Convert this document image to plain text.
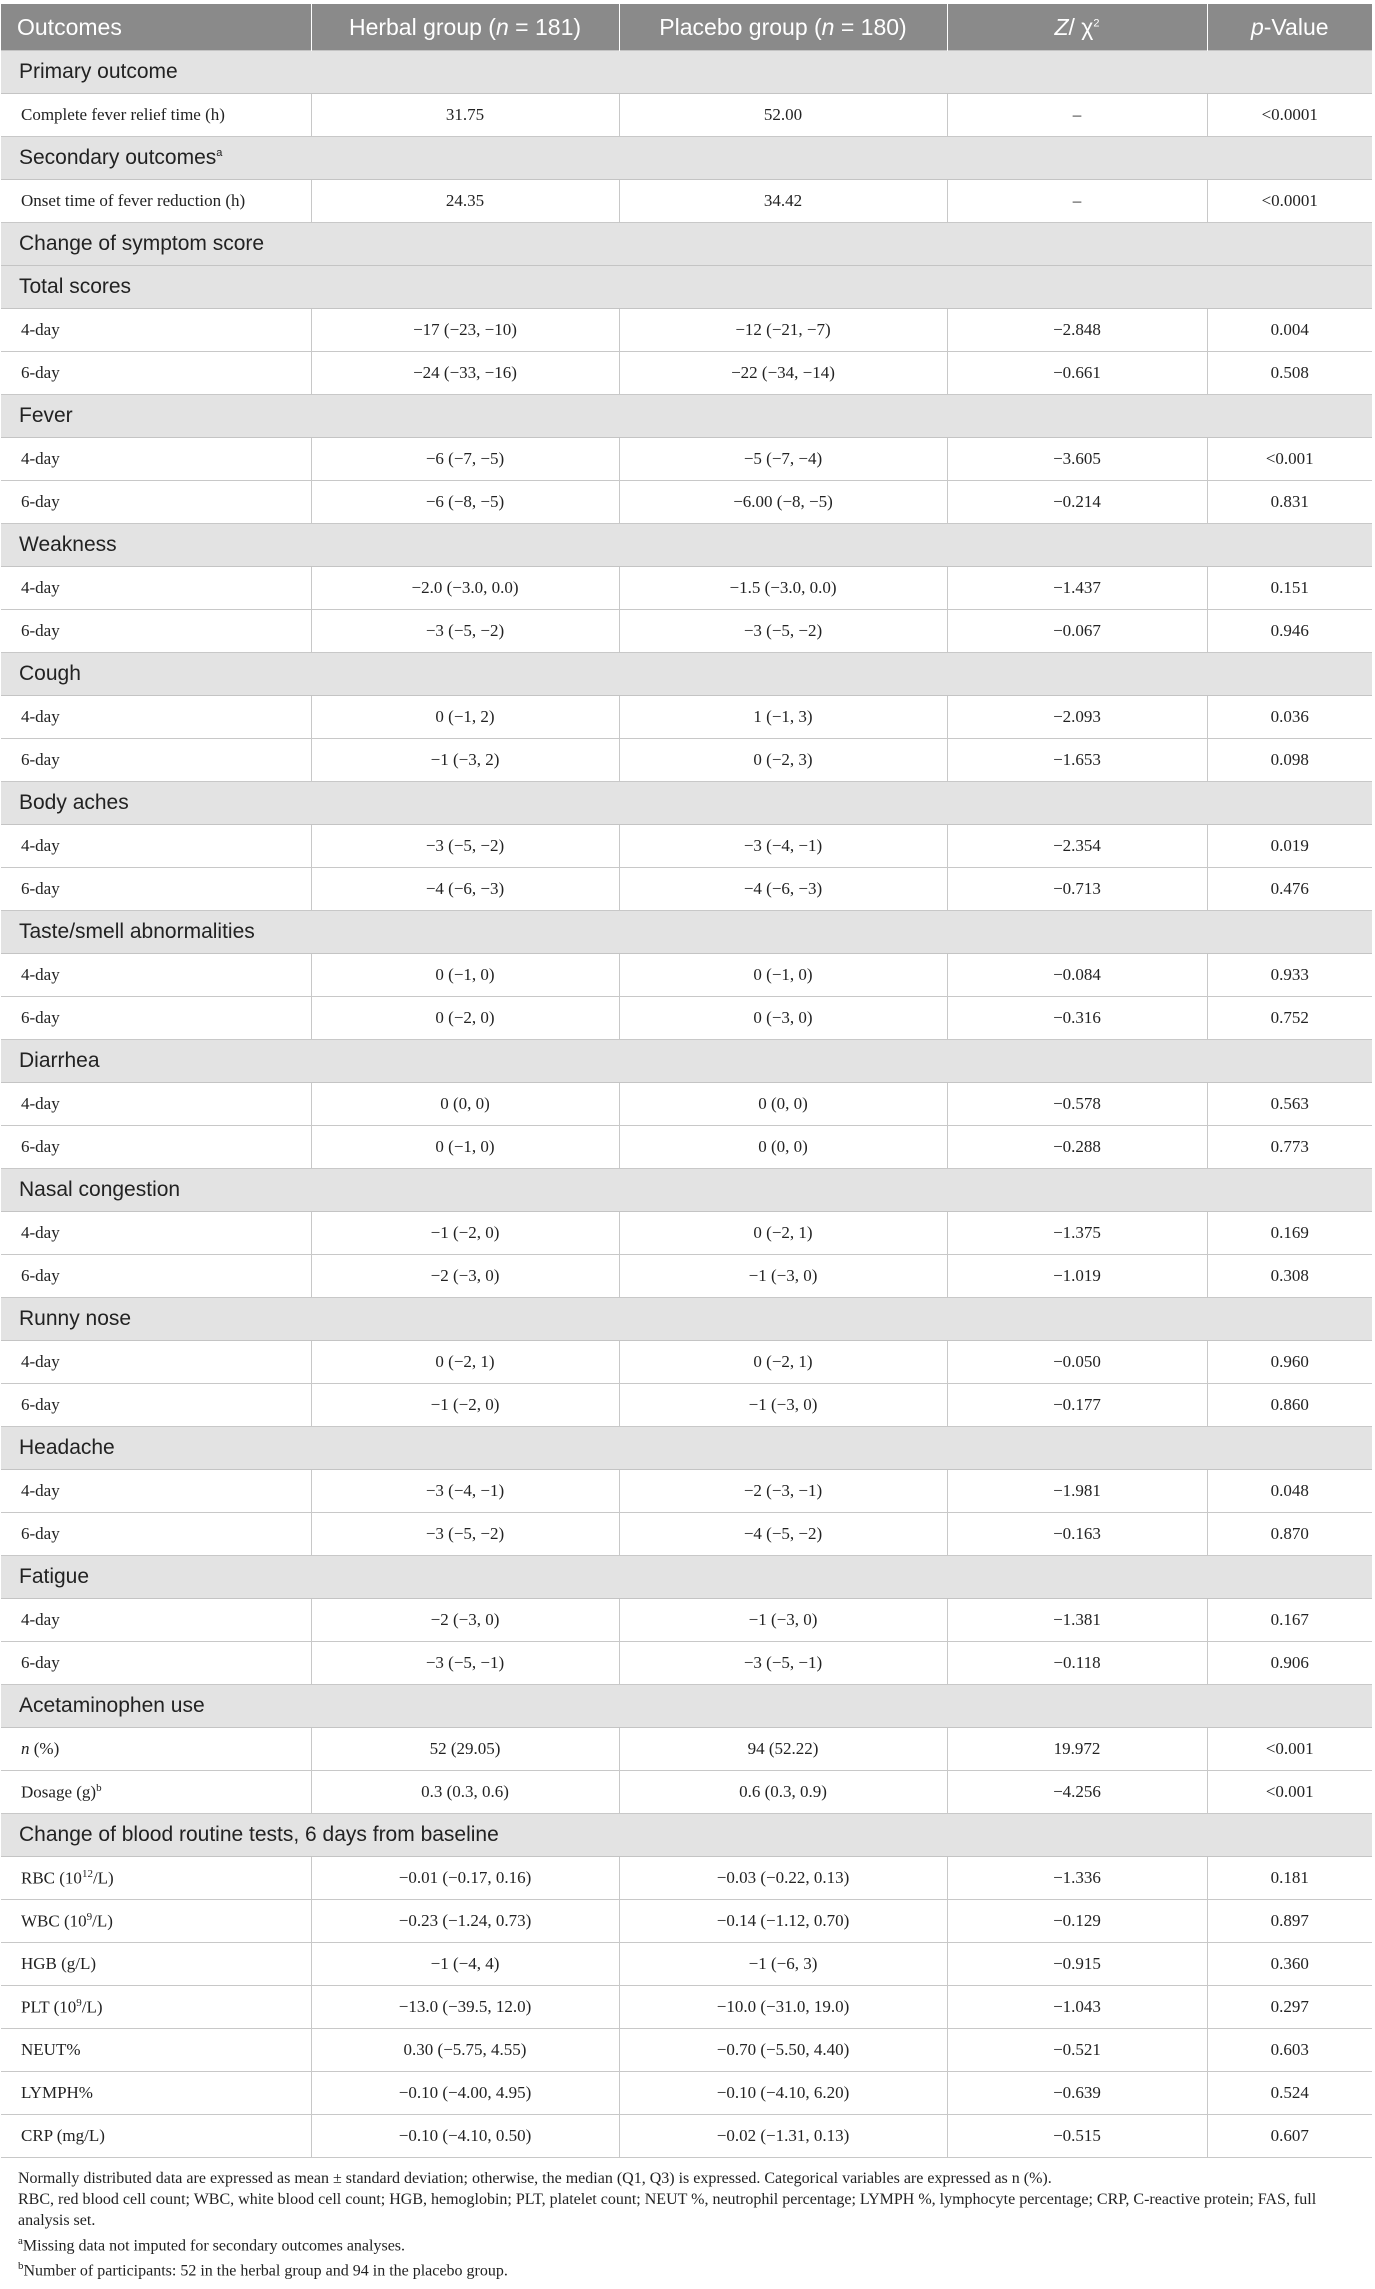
Outcomes	Herbal group (n = 181)	Placebo group (n = 180)	Z/ $\chi^2$	p-Value
Primary outcome				
Complete fever relief time (h)	31.75	52.00	–	<0.0001
Secondary outcomes$^a$
Onset time of fever reduction (h)	24.35	34.42	–	<0.0001
Change of symptom score				
Total scores				
4-day	−17 (−23, −10)	−12 (−21, −7)	−2.848	0.004
6-day	−24 (−33, −16)	−22 (−34, −14)	−0.661	0.508
Fever				
4-day	−6 (−7, −5)	−5 (−7, −4)	−3.605	<0.001
6-day	−6 (−8, −5)	−6.00 (−8, −5)	−0.214	0.831
Weakness				
4-day	−2.0 (−3.0, 0.0)	−1.5 (−3.0, 0.0)	−1.437	0.151
6-day	−3 (−5, −2)	−3 (−5, −2)	−0.067	0.946
Cough				
4-day	0 (−1, 2)	1 (−1, 3)	−2.093	0.036
6-day	−1 (−3, 2)	0 (−2, 3)	−1.653	0.098
Body aches				
4-day	−3 (−5, −2)	−3 (−4, −1)	−2.354	0.019
6-day	−4 (−6, −3)	−4 (−6, −3)	−0.713	0.476
Taste/smell abnormalities				
4-day	0 (−1, 0)	0 (−1, 0)	−0.084	0.933
6-day	0 (−2, 0)	0 (−3, 0)	−0.316	0.752
Diarrhea				
4-day	0 (0, 0)	0 (0, 0)	−0.578	0.563
6-day	0 (−1, 0)	0 (0, 0)	−0.288	0.773
Nasal congestion				
4-day	−1 (−2, 0)	0 (−2, 1)	−1.375	0.169
6-day	−2 (−3, 0)	−1 (−3, 0)	−1.019	0.308
Runny nose				
4-day	0 (−2, 1)	0 (−2, 1)	−0.050	0.960
6-day	−1 (−2, 0)	−1 (−3, 0)	−0.177	0.860
Headache				
4-day	−3 (−4, −1)	−2 (−3, −1)	−1.981	0.048
6-day	−3 (−5, −2)	−4 (−5, −2)	−0.163	0.870
Fatigue				
4-day	−2 (−3, 0)	−1 (−3, 0)	−1.381	0.167
6-day	−3 (−5, −1)	−3 (−5, −1)	−0.118	0.906
Acetaminophen use				
n (%)	52 (29.05)	94 (52.22)	19.972	<0.001
Dosage $(g)^b$	0.3 (0.3, 0.6)	0.6 (0.3, 0.9)	−4.256	<0.001
Change of blood routine tests, 6 days from baseline				
RBC $(10^{12}/L)$	−0.01 (−0.17, 0.16)	−0.03 (−0.22, 0.13)	−1.336	0.181
WBC $(10^9/L)$	−0.23 (−1.24, 0.73)	−0.14 (−1.12, 0.70)	−0.129	0.897
HGB (g/L)	−1 (−4, 4)	−1 (−6, 3)	−0.915	0.360
PLT $(10^9/L)$	−13.0 (−39.5, 12.0)	−10.0 (−31.0, 19.0)	−1.043	0.297
NEUT%	0.30 (−5.75, 4.55)	−0.70 (−5.50, 4.40)	−0.521	0.603
LYMPH%	−0.10 (−4.00, 4.95)	−0.10 (−4.10, 6.20)	−0.639	0.524
CRP (mg/L)	−0.10 (−4.10, 0.50)	−0.02 (−1.31, 0.13)	−0.515	0.607

Normally distributed data are expressed as mean ± standard deviation; otherwise, the median (Q1, Q3) is expressed. Categorical variables are expressed as n (%).

RBC, red blood cell count; WBC, white blood cell count; HGB, hemoglobin; PLT, platelet count; NEUT %, neutrophil percentage; LYMPH %, lymphocyte percentage; CRP, C-reactive protein; FAS, full analysis set.

$^a$Missing data not imputed for secondary outcomes analyses.

$^b$Number of participants: 52 in the herbal group and 94 in the placebo group.
